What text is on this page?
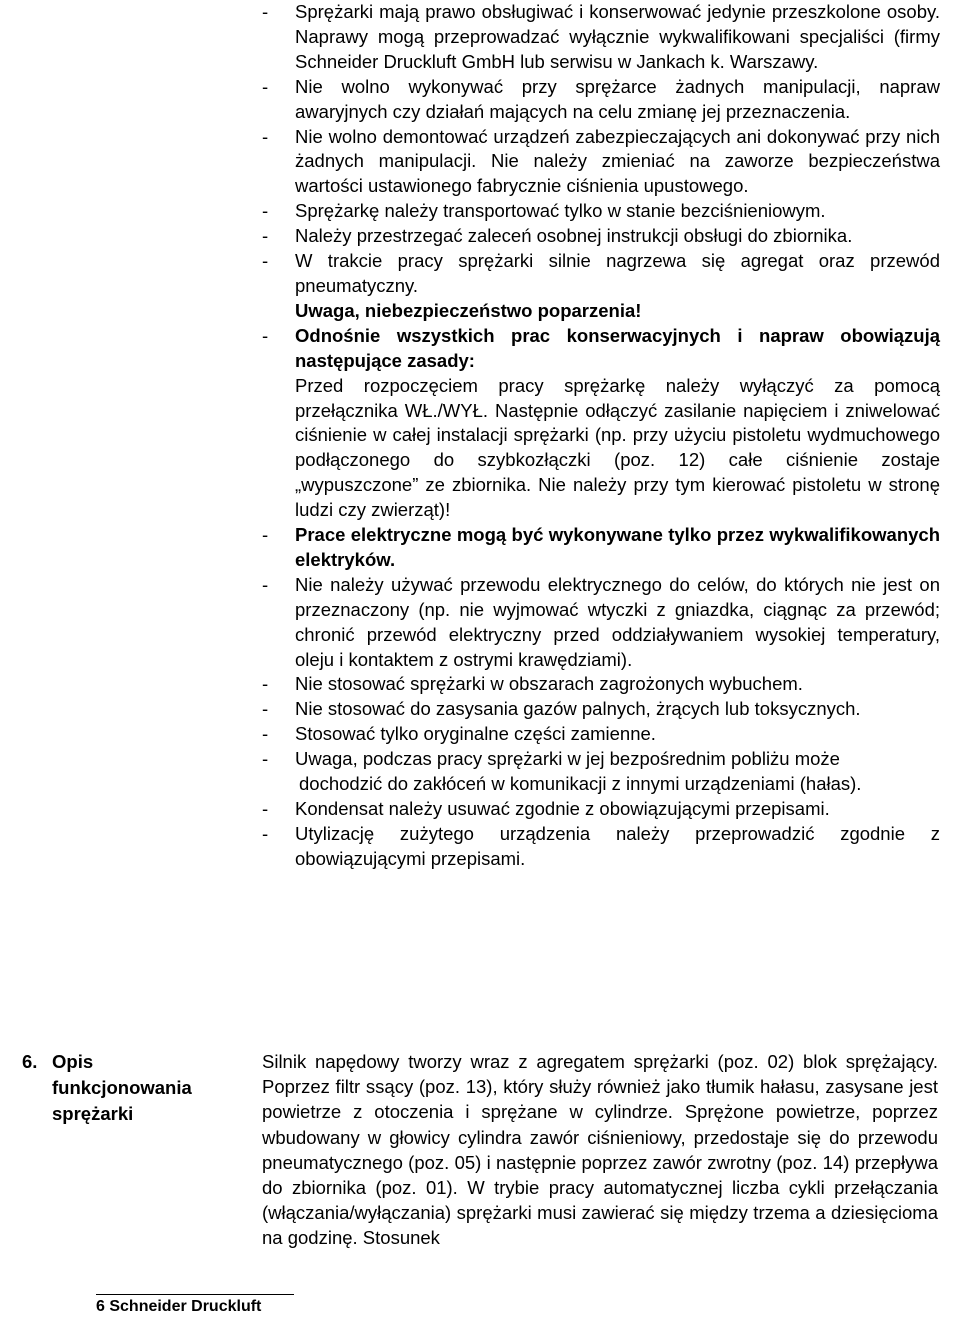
- Sprężarki mają prawo obsługiwać i konserwować jedynie przeszkolone osoby. Naprawy mogą przeprowadzać wyłącznie wykwalifikowani specjaliści (firmy Schneider Druckluft GmbH lub serwisu w Jankach k. Warszawy.
- Nie wolno wykonywać przy sprężarce żadnych manipulacji, napraw awaryjnych czy działań mających na celu zmianę jej przeznaczenia.
- Nie wolno demontować urządzeń zabezpieczających ani dokonywać przy nich żadnych manipulacji. Nie należy zmieniać na zaworze bezpieczeństwa wartości ustawionego fabrycznie ciśnienia upustowego.
- Sprężarkę należy transportować tylko w stanie bezciśnieniowym.
- Należy przestrzegać zaleceń osobnej instrukcji obsługi do zbiornika.
- W trakcie pracy sprężarki silnie nagrzewa się agregat oraz przewód pneumatyczny.
Uwaga, niebezpieczeństwo poparzenia!
- Odnośnie wszystkich prac konserwacyjnych i napraw obowiązują następujące zasady:
Przed rozpoczęciem pracy sprężarkę należy wyłączyć za pomocą przełącznika WŁ./WYŁ. Następnie odłączyć zasilanie napięciem i zniwelować ciśnienie w całej instalacji sprężarki (np. przy użyciu pistoletu wydmuchowego podłączonego do szybkozłączki (poz. 12) całe ciśnienie zostaje „wypuszczone” ze zbiornika. Nie należy przy tym kierować pistoletu w stronę ludzi czy zwierząt)!
- Prace elektryczne mogą być wykonywane tylko przez wykwalifikowanych elektryków.
- Nie należy używać przewodu elektrycznego do celów, do których nie jest on przeznaczony (np. nie wyjmować wtyczki z gniazdka, ciągnąc za przewód; chronić przewód elektryczny przed oddziaływaniem wysokiej temperatury, oleju i kontaktem z ostrymi krawędziami).
- Nie stosować sprężarki w obszarach zagrożonych wybuchem.
- Nie stosować do zasysania gazów palnych, żrących lub toksycznych.
- Stosować tylko oryginalne części zamienne.
- Uwaga, podczas pracy sprężarki w jej bezpośrednim pobliżu może
dochodzić do zakłóceń w komunikacji z innymi urządzeniami (hałas).
- Kondensat należy usuwać zgodnie z obowiązującymi przepisami.
- Utylizację zużytego urządzenia należy przeprowadzić zgodnie z obowiązującymi przepisami.
6. Opis funkcjonowania sprężarki
Silnik napędowy tworzy wraz z agregatem sprężarki (poz. 02) blok sprężający. Poprzez filtr ssący (poz. 13), który służy również jako tłumik hałasu, zasysane jest powietrze z otoczenia i sprężane w cylindrze. Sprężone powietrze, poprzez wbudowany w głowicy cylindra zawór ciśnieniowy, przedostaje się do przewodu pneumatycznego (poz. 05) i następnie poprzez zawór zwrotny (poz. 14) przepływa do zbiornika (poz. 01). W trybie pracy automatycznej liczba cykli przełączania (włączania/wyłączania) sprężarki musi zawierać się między trzema a dziesięcioma na godzinę. Stosunek
6 Schneider Druckluft
